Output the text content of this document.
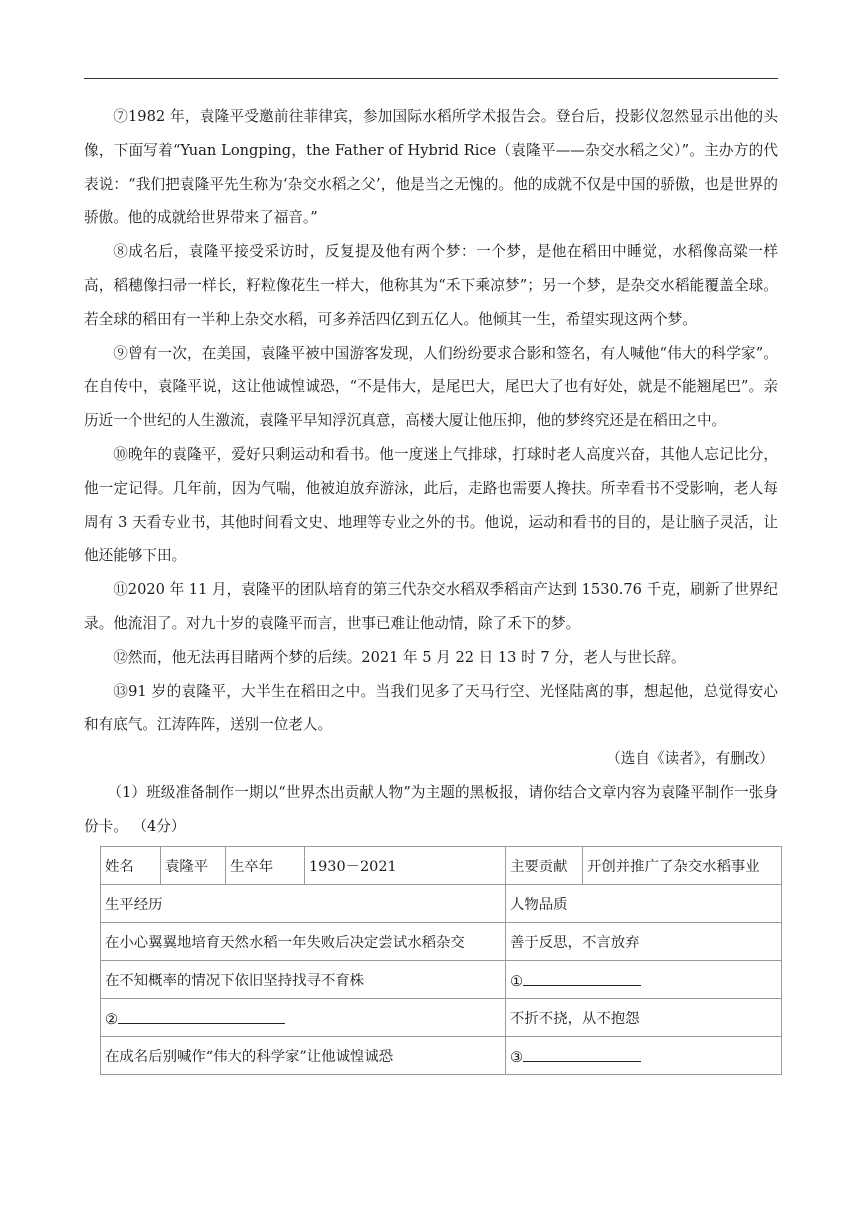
⑦1982 年，袁隆平受邀前往菲律宾，参加国际水稻所学术报告会。登台后，投影仪忽然显示出他的头像，下面写着“Yuan Longping，the Father of Hybrid Rice（袁隆平——杂交水稻之父）”。主办方的代表说：“我们把袁隆平先生称为‘杂交水稻之父’，他是当之无愧的。他的成就不仅是中国的骄傲，也是世界的骄傲。他的成就给世界带来了福音。”

⑧成名后，袁隆平接受采访时，反复提及他有两个梦：一个梦，是他在稻田中睡觉，水稻像高粱一样高，稻穗像扫帚一样长，籽粒像花生一样大，他称其为“禾下乘凉梦”；另一个梦，是杂交水稻能覆盖全球。若全球的稻田有一半种上杂交水稻，可多养活四亿到五亿人。他倾其一生，希望实现这两个梦。

⑨曾有一次，在美国，袁隆平被中国游客发现，人们纷纷要求合影和签名，有人喊他“伟大的科学家”。在自传中，袁隆平说，这让他诚惶诚恐，“不是伟大，是尾巴大，尾巴大了也有好处，就是不能翘尾巴”。亲历近一个世纪的人生激流，袁隆平早知浮沉真意，高楼大厦让他压抑，他的梦终究还是在稻田之中。

⑩晚年的袁隆平，爱好只剩运动和看书。他一度迷上气排球，打球时老人高度兴奋，其他人忘记比分，他一定记得。几年前，因为气喘，他被迫放弃游泳，此后，走路也需要人搀扶。所幸看书不受影响，老人每周有 3 天看专业书，其他时间看文史、地理等专业之外的书。他说，运动和看书的目的，是让脑子灵活，让他还能够下田。

⑪2020 年 11 月，袁隆平的团队培育的第三代杂交水稻双季稻亩产达到 1530.76 千克，刷新了世界纪录。他流泪了。对九十岁的袁隆平而言，世事已难让他动情，除了禾下的梦。

⑫然而，他无法再目睹两个梦的后续。2021 年 5 月 22 日 13 时 7 分，老人与世长辞。

⑬91 岁的袁隆平，大半生在稻田之中。当我们见多了天马行空、光怪陆离的事，想起他，总觉得安心和有底气。江涛阵阵，送别一位老人。

（选自《读者》，有删改）

（1）班级准备制作一期以“世界杰出贡献人物”为主题的黑板报，请你结合文章内容为袁隆平制作一张身份卡。 （4分）

姓名	袁隆平	生卒年	1930－2021	主要贡献	开创并推广了杂交水稻事业
生平经历				人物品质	
在小心翼翼地培育天然水稻一年失败后决定尝试水稻杂交				善于反思，不言放弃	
在不知概率的情况下依旧坚持找寻不育株				①	
②				不折不挠，从不抱怨	
在成名后别喊作“伟大的科学家”让他诚惶诚恐				③	
